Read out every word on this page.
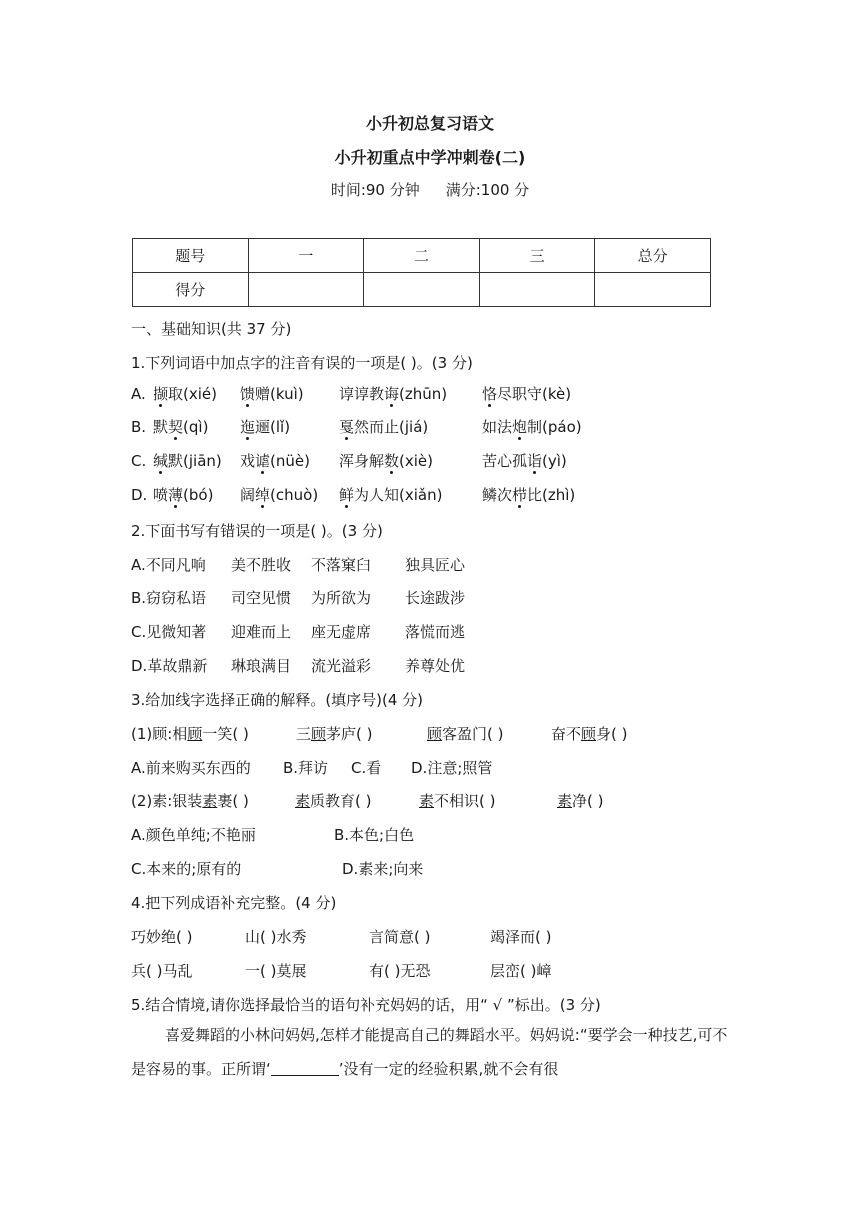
小升初总复习语文
小升初重点中学冲刺卷(二)
时间:90 分钟 满分:100 分
题号	一	二	三	总分
得分				
一、基础知识(共 37 分)
1.下列词语中加点字的注音有误的一项是( )。(3 分)
A. 撷取(xié) 馈赠(kuì) 谆谆教诲(zhūn) 恪尽职守(kè)
B. 默契(qì) 迤逦(lǐ)	戛然而止(jiá)	如法炮制(páo)
C. 缄默(jiān) 戏谑(nüè) 浑身解数(xiè)	苦心孤诣(yì)
D. 喷薄(bó) 阔绰(chuò) 鲜为人知(xiǎn)	鳞次栉比(zhì)
2.下面书写有错误的一项是( )。(3 分)
A.不同凡响 美不胜收 不落窠臼 独具匠心
B.窃窃私语 司空见惯 为所欲为 长途跋涉
C.见微知著 迎难而上 座无虚席 落慌而逃
D.革故鼎新 琳琅满目 流光溢彩 养尊处优
3.给加线字选择正确的解释。(填序号)(4 分)
(1)顾:相顾一笑( )	三顾茅庐( )	顾客盈门( )	奋不顾身( )
A.前来购买东西的 B.拜访 C.看 D.注意;照管
(2)素:银装素裹( )	素质教育( )	素不相识( )	素净( )
A.颜色单纯;不艳丽	B.本色;白色
C.本来的;原有的	D.素来;向来
4.把下列成语补充完整。(4 分)
巧妙绝( )	山( )水秀	言简意( )	竭泽而( )
兵( )马乱	一( )莫展	有( )无恐	层峦( )嶂
5.结合情境,请你选择最恰当的语句补充妈妈的话，用“ √ ”标出。(3 分)
喜爱舞蹈的小林问妈妈,怎样才能提高自己的舞蹈水平。妈妈说:“要学会一种技艺,可不是容易的事。正所谓‘	’没有一定的经验积累,就不会有很
